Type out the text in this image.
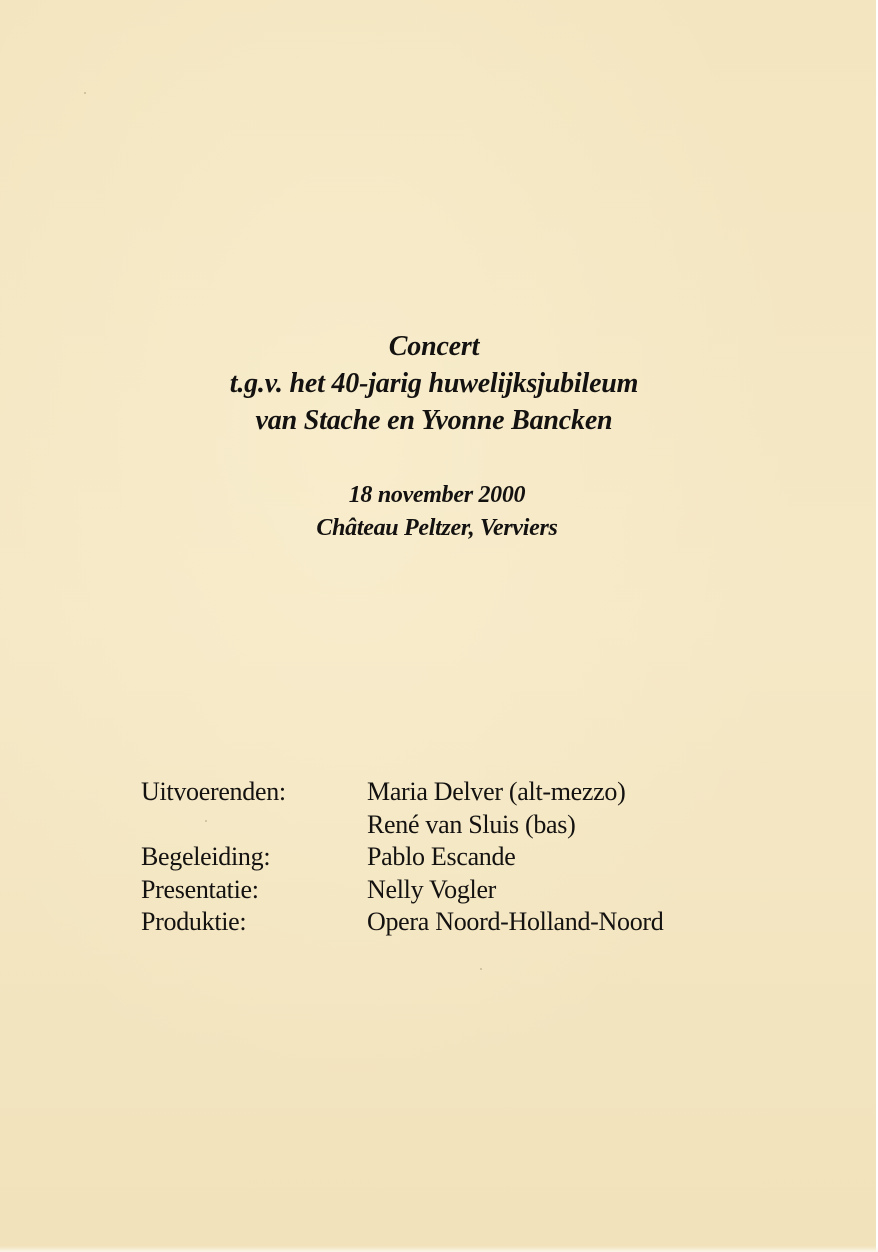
Concert
t.g.v. het 40-jarig huwelijksjubileum
van Stache en Yvonne Bancken
18 november 2000
Château Peltzer, Verviers
Uitvoerenden:	Maria Delver (alt-mezzo)
René van Sluis (bas)
Begeleiding:	Pablo Escande
Presentatie:	Nelly Vogler
Produktie:	Opera Noord-Holland-Noord
